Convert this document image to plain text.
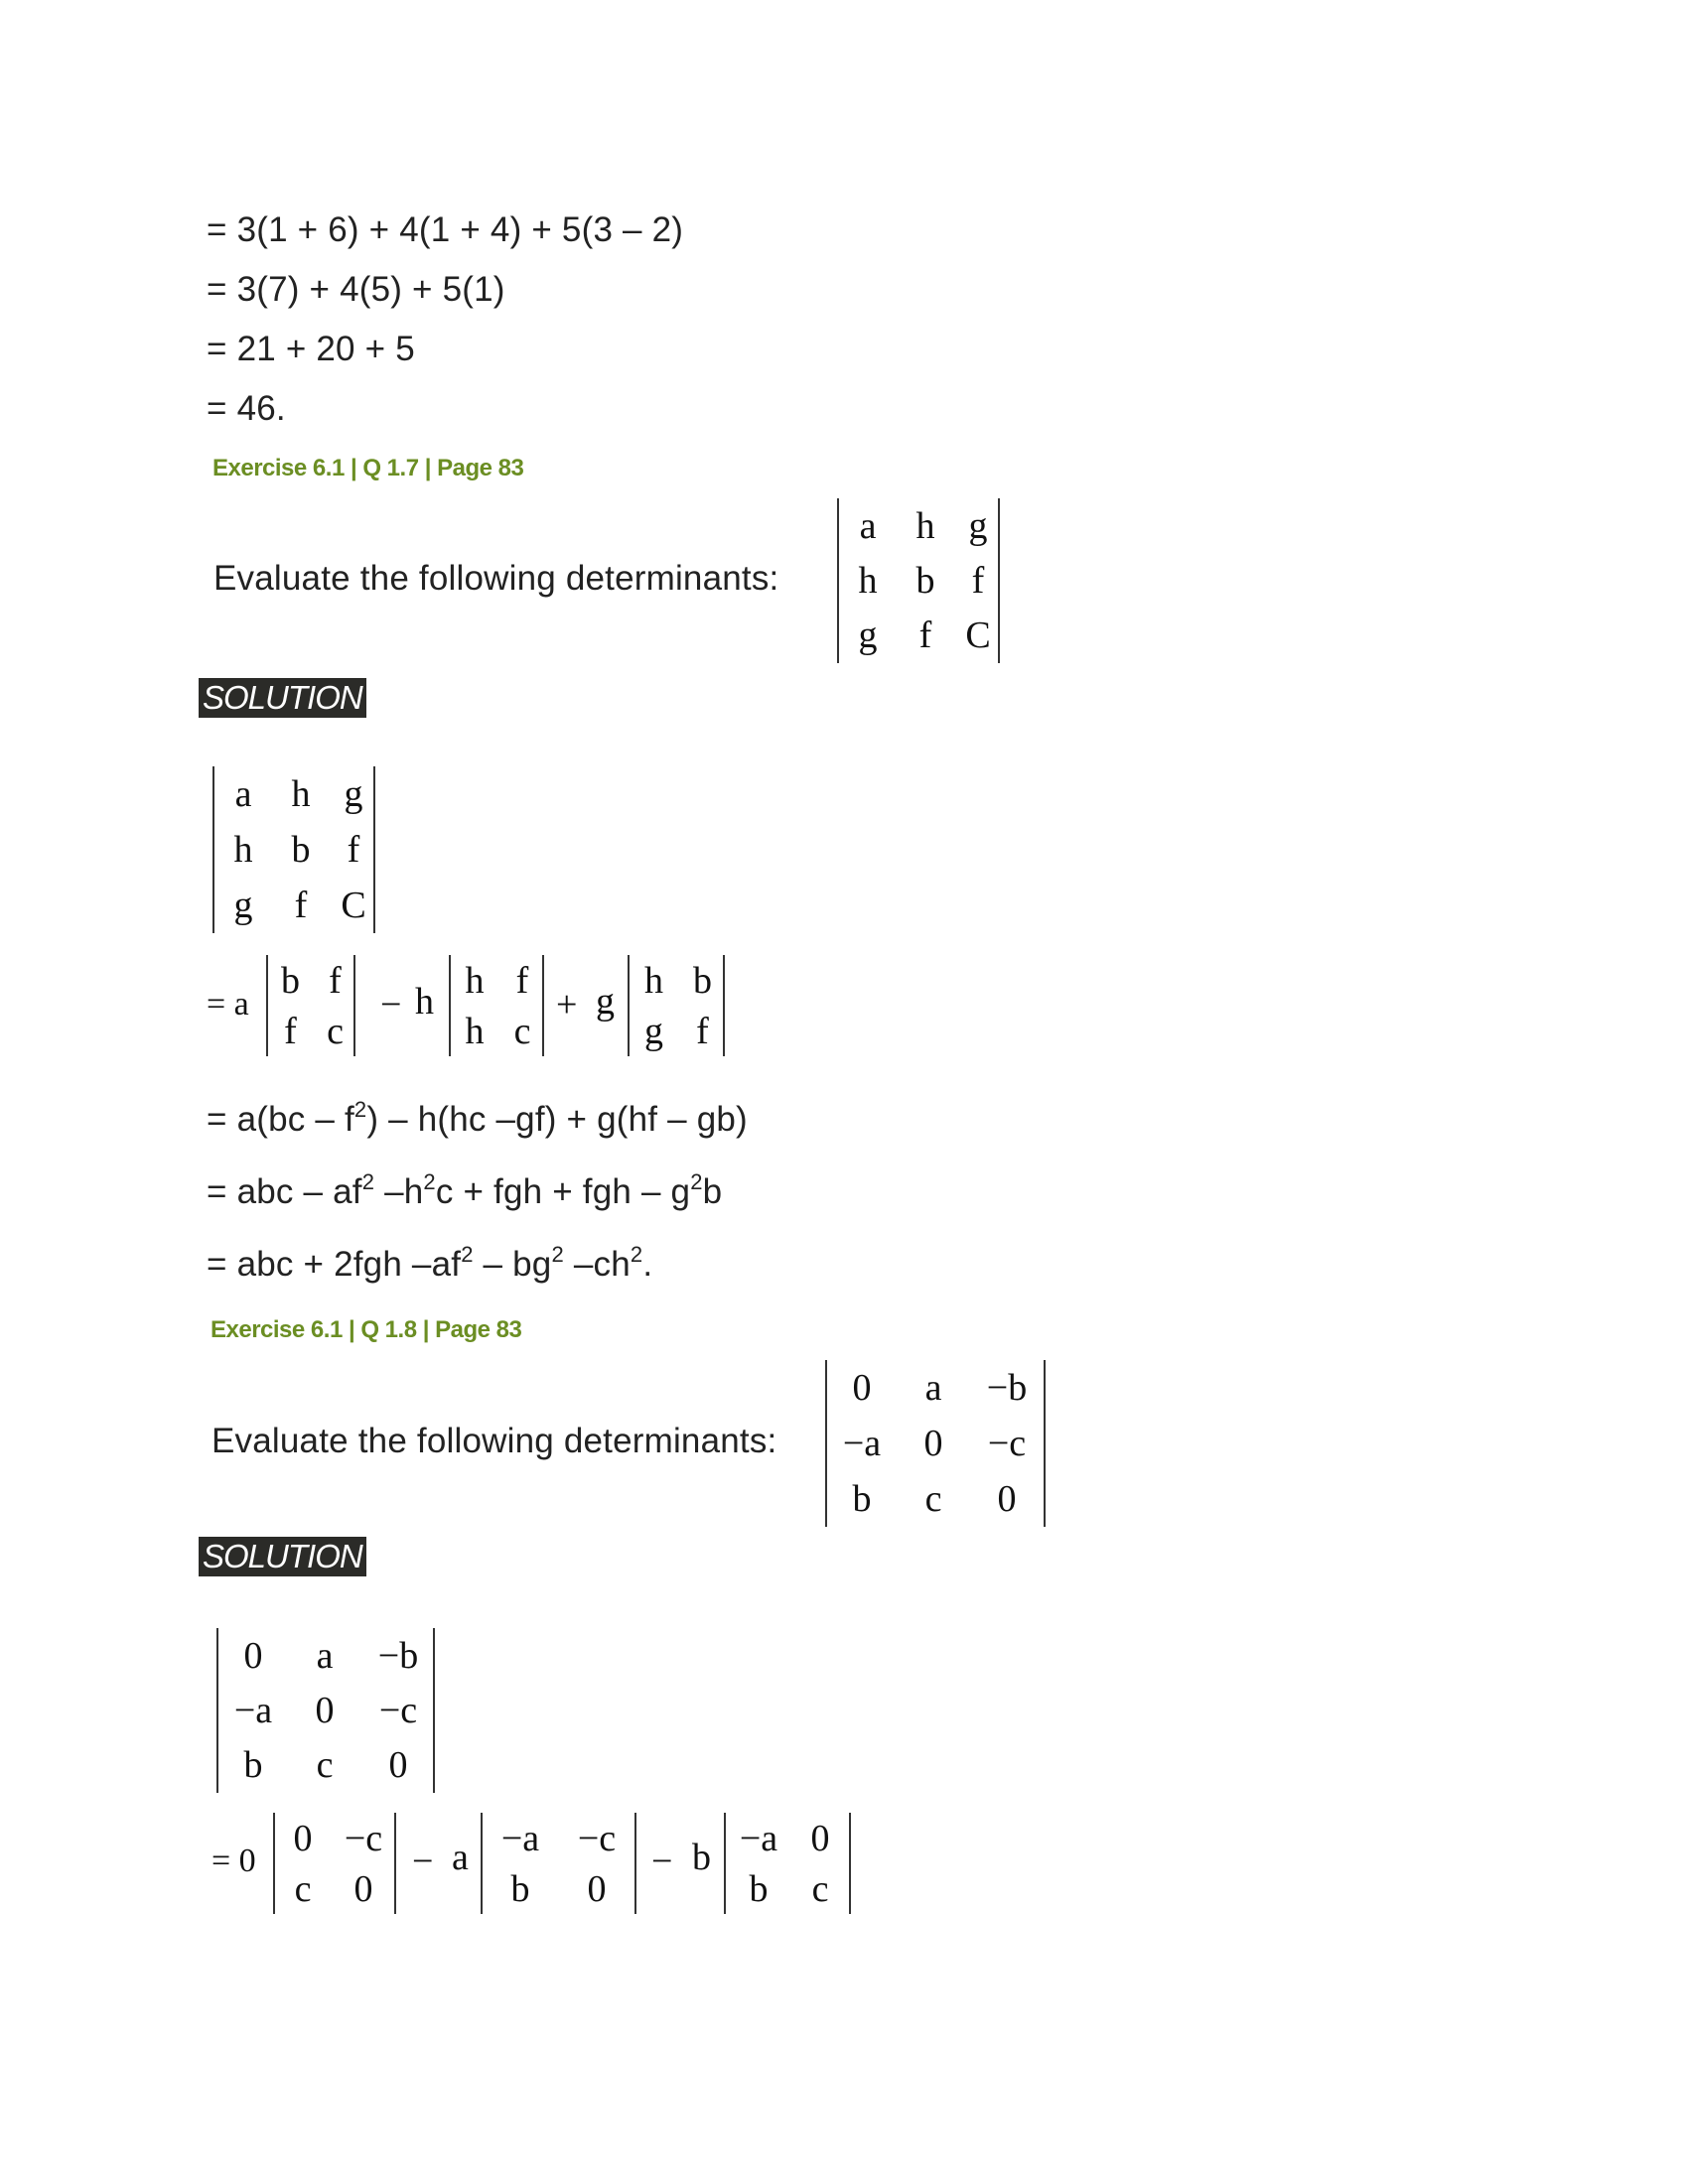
= 3(1 + 6) + 4(1 + 4) + 5(3 – 2)
= 3(7) + 4(5) + 5(1)
= 21 + 20 + 5
= 46.
Exercise 6.1 | Q 1.7 | Page 83
Evaluate the following determinants:
a h g
h b f
g f C
SOLUTION
a h g
h b f
g f C
= a
b f
f c
− h
h f
h c
+ g
h b
g f
= $a(bc - f^2) - h(hc$ –gf) + g(hf – gb)
= abc – $af^2$ $-h^2c$ + fgh + fgh – $g^2b$
= abc + 2fgh $-af^2 - bg^2$ $-ch^2$.
Exercise 6.1 | Q 1.8 | Page 83
Evaluate the following determinants:
0 a −b
−a 0 −c
b c 0
SOLUTION
0 a −b
−a 0 −c
b c 0
= 0
0 −c
c 0
− a −a −c
b 0
− b −a 0
b c
